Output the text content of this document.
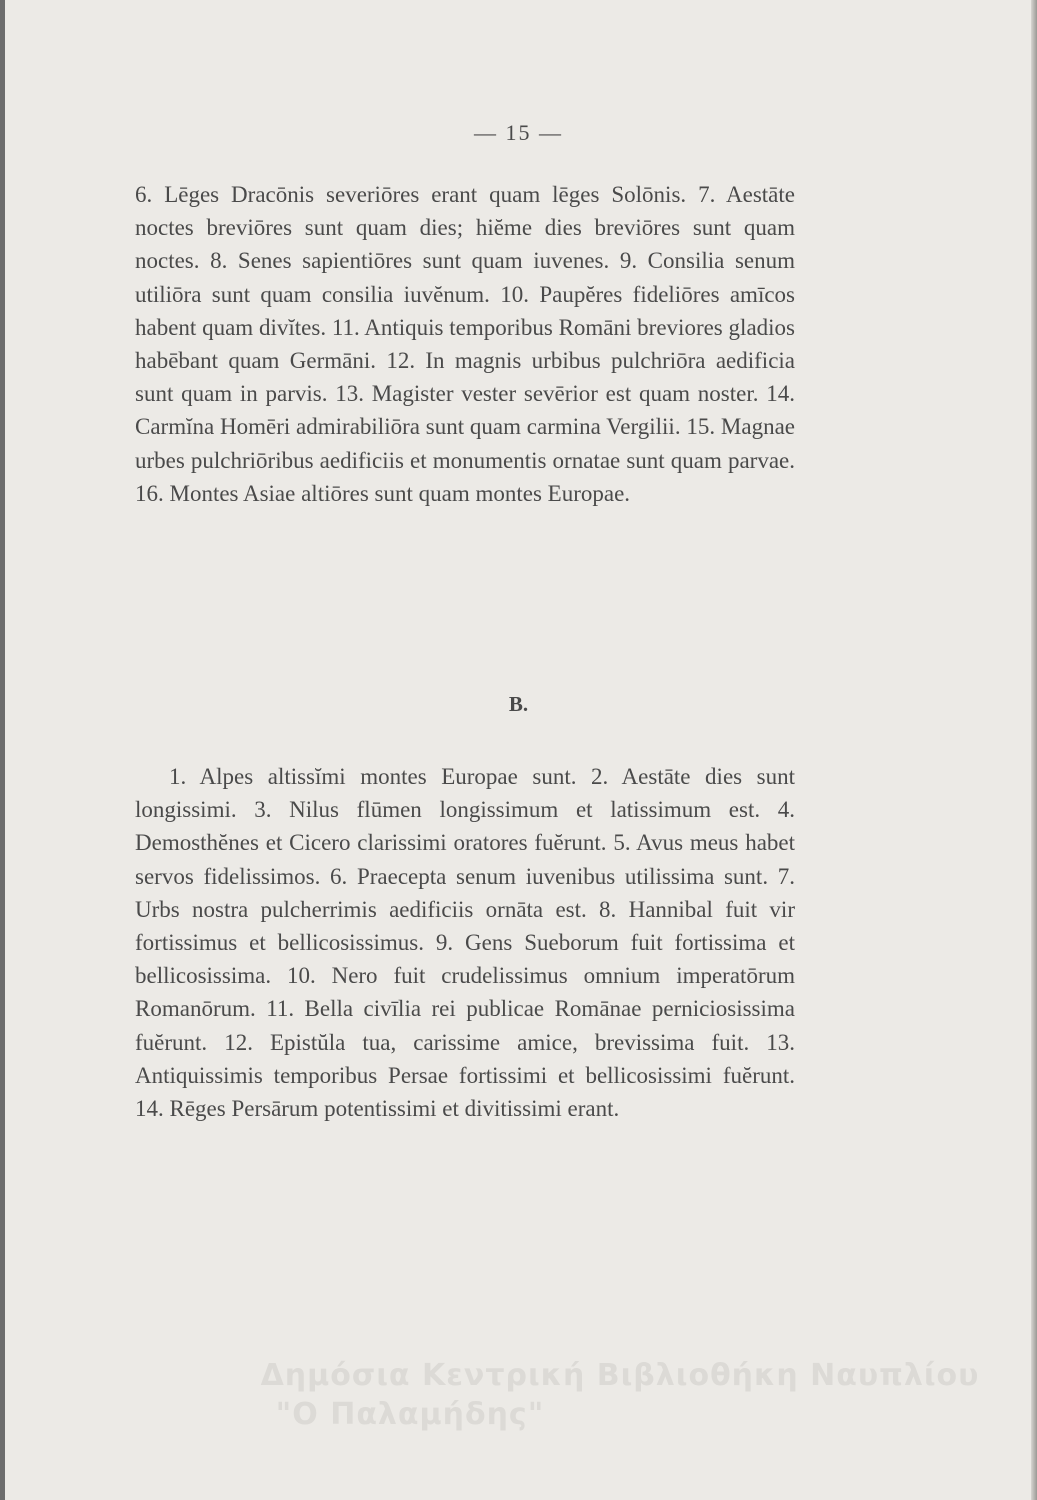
— 15 —

6. Lēges Dracōnis severiōres erant quam lēges Solōnis. 7. Aestāte noctes breviōres sunt quam dies; hiĕme dies breviōres sunt quam noctes. 8. Senes sapientiōres sunt quam iuvenes. 9. Consilia senum utiliōra sunt quam consilia iuvĕnum. 10. Paupĕres fideliōres amīcos habent quam divĭtes. 11. Antiquis temporibus Romāni breviores gladios habēbant quam Germāni. 12. In magnis urbibus pulchriōra aedificia sunt quam in parvis. 13. Magister vester sevērior est quam noster. 14. Carmĭna Homēri admirabiliōra sunt quam carmina Vergilii. 15. Magnae urbes pulchriōribus aedificiis et monumentis ornatae sunt quam parvae. 16. Montes Asiae altiōres sunt quam montes Europae.

B.

1. Alpes altissĭmi montes Europae sunt. 2. Aestāte dies sunt longissimi. 3. Nilus flūmen longissimum et latissimum est. 4. Demosthĕnes et Cicero clarissimi oratores fuĕrunt. 5. Avus meus habet servos fidelissimos. 6. Praecepta senum iuvenibus utilissima sunt. 7. Urbs nostra pulcherrimis aedificiis ornāta est. 8. Hannibal fuit vir fortissimus et bellicosissimus. 9. Gens Sueborum fuit fortissima et bellicosissima. 10. Nero fuit crudelissimus omnium imperatōrum Romanōrum. 11. Bella civīlia rei publicae Romānae perniciosissima fuĕrunt. 12. Epistŭla tua, carissime amice, brevissima fuit. 13. Antiquissimis temporibus Persae fortissimi et bellicosissimi fuĕrunt. 14. Rēges Persārum potentissimi et divitissimi erant.

Δημόσια Κεντρική Βιβλιοθήκη Ναυπλίου
"Ο Παλαμήδης"
